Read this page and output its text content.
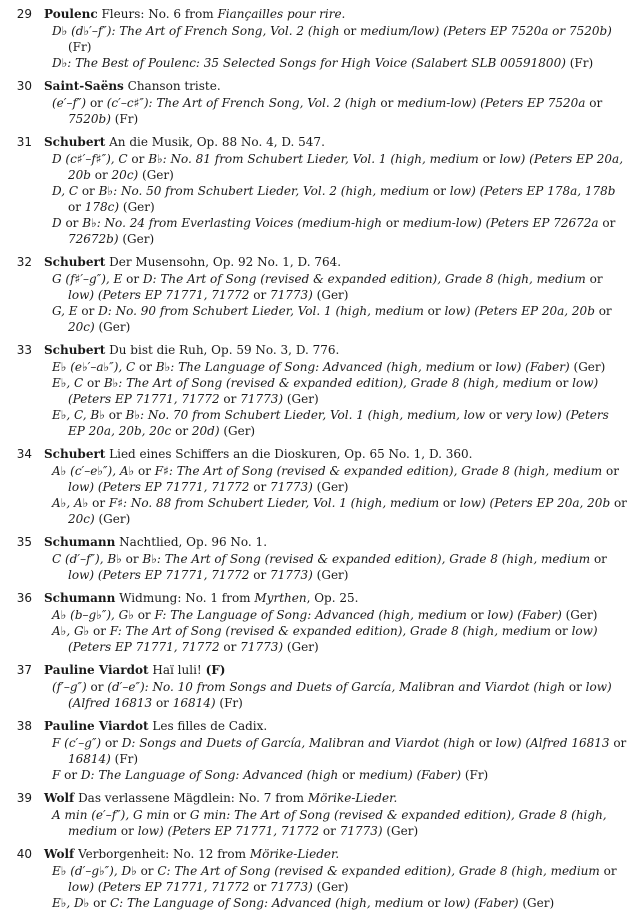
29 Poulenc Fleurs: No. 6 from Fiançailles pour rire.
D♭ (d♭′–f″): The Art of French Song, Vol. 2 (high or medium/low) (Peters EP 7520a or 7520b) (Fr)
D♭: The Best of Poulenc: 35 Selected Songs for High Voice (Salabert SLB 00591800) (Fr)
30 Saint-Saëns Chanson triste.
(e′–f″) or (c′–c♯″): The Art of French Song, Vol. 2 (high or medium-low) (Peters EP 7520a or 7520b) (Fr)
31 Schubert An die Musik, Op. 88 No. 4, D. 547.
D (c♯′–f♯″), C or B♭: No. 81 from Schubert Lieder, Vol. 1 (high, medium or low) (Peters EP 20a, 20b or 20c) (Ger)
D, C or B♭: No. 50 from Schubert Lieder, Vol. 2 (high, medium or low) (Peters EP 178a, 178b or 178c) (Ger)
D or B♭: No. 24 from Everlasting Voices (medium-high or medium-low) (Peters EP 72672a or 72672b) (Ger)
32 Schubert Der Musensohn, Op. 92 No. 1, D. 764.
G (f♯′–g″), E or D: The Art of Song (revised & expanded edition), Grade 8 (high, medium or low) (Peters EP 71771, 71772 or 71773) (Ger)
G, E or D: No. 90 from Schubert Lieder, Vol. 1 (high, medium or low) (Peters EP 20a, 20b or 20c) (Ger)
33 Schubert Du bist die Ruh, Op. 59 No. 3, D. 776.
E♭ (e♭′–a♭″), C or B♭: The Language of Song: Advanced (high, medium or low) (Faber) (Ger)
E♭, C or B♭: The Art of Song (revised & expanded edition), Grade 8 (high, medium or low) (Peters EP 71771, 71772 or 71773) (Ger)
E♭, C, B♭ or B♭: No. 70 from Schubert Lieder, Vol. 1 (high, medium, low or very low) (Peters EP 20a, 20b, 20c or 20d) (Ger)
34 Schubert Lied eines Schiffers an die Dioskuren, Op. 65 No. 1, D. 360.
A♭ (c′–e♭″), A♭ or F♯: The Art of Song (revised & expanded edition), Grade 8 (high, medium or low) (Peters EP 71771, 71772 or 71773) (Ger)
A♭, A♭ or F♯: No. 88 from Schubert Lieder, Vol. 1 (high, medium or low) (Peters EP 20a, 20b or 20c) (Ger)
35 Schumann Nachtlied, Op. 96 No. 1.
C (d′–f″), B♭ or B♭: The Art of Song (revised & expanded edition), Grade 8 (high, medium or low) (Peters EP 71771, 71772 or 71773) (Ger)
36 Schumann Widmung: No. 1 from Myrthen, Op. 25.
A♭ (b–g♭″), G♭ or F: The Language of Song: Advanced (high, medium or low) (Faber) (Ger)
A♭, G♭ or F: The Art of Song (revised & expanded edition), Grade 8 (high, medium or low) (Peters EP 71771, 71772 or 71773) (Ger)
37 Pauline Viardot Haï luli! (F)
(f′–g″) or (d′–e″): No. 10 from Songs and Duets of García, Malibran and Viardot (high or low) (Alfred 16813 or 16814) (Fr)
38 Pauline Viardot Les filles de Cadix.
F (c′–g″) or D: Songs and Duets of García, Malibran and Viardot (high or low) (Alfred 16813 or 16814) (Fr)
F or D: The Language of Song: Advanced (high or medium) (Faber) (Fr)
39 Wolf Das verlassene Mägdlein: No. 7 from Mörike-Lieder.
A min (e′–f″), G min or G min: The Art of Song (revised & expanded edition), Grade 8 (high, medium or low) (Peters EP 71771, 71772 or 71773) (Ger)
40 Wolf Verborgenheit: No. 12 from Mörike-Lieder.
E♭ (d′–g♭″), D♭ or C: The Art of Song (revised & expanded edition), Grade 8 (high, medium or low) (Peters EP 71771, 71772 or 71773) (Ger)
E♭, D♭ or C: The Language of Song: Advanced (high, medium or low) (Faber) (Ger)
